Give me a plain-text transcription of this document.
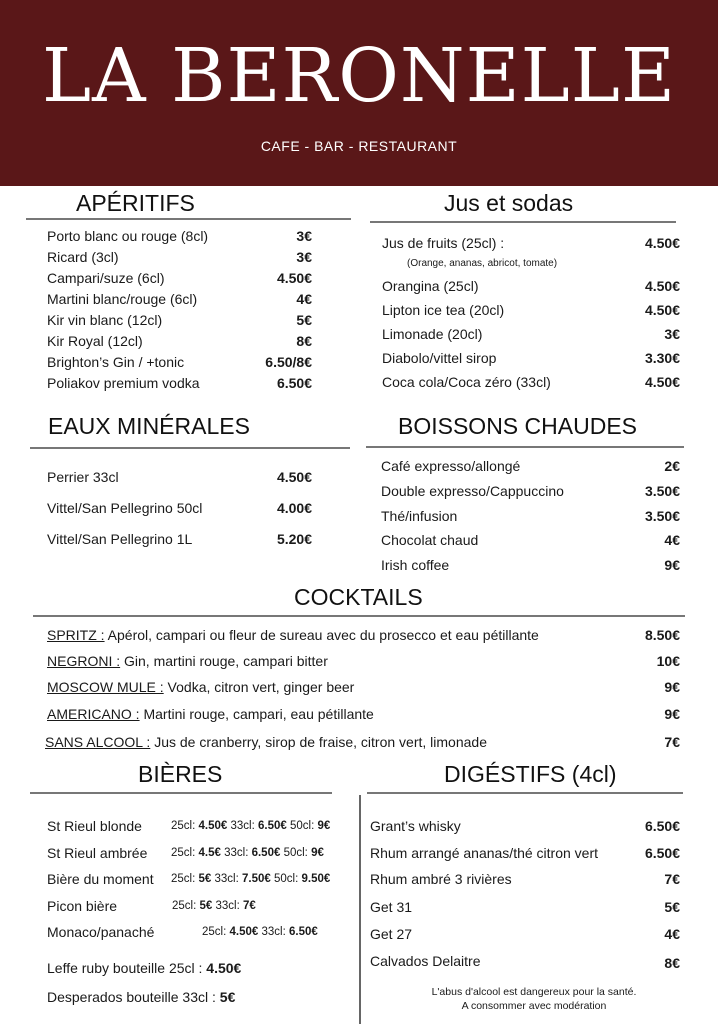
LA BERONELLE
CAFE - BAR - RESTAURANT
APÉRITIFS
Porto blanc ou rouge (8cl)	3€
Ricard (3cl)	3€
Campari/suze (6cl)	4.50€
Martini blanc/rouge (6cl)	4€
Kir vin blanc (12cl)	5€
Kir Royal (12cl)	8€
Brighton’s Gin / +tonic	6.50/8€
Poliakov premium vodka	6.50€
Jus et sodas
Jus de fruits (25cl) :	4.50€
(Orange, ananas, abricot, tomate)
Orangina (25cl)	4.50€
Lipton ice tea (20cl)	4.50€
Limonade (20cl)	3€
Diabolo/vittel sirop	3.30€
Coca cola/Coca zéro (33cl)	4.50€
EAUX MINÉRALES
Perrier 33cl	4.50€
Vittel/San Pellegrino 50cl	4.00€
Vittel/San Pellegrino 1L	5.20€
BOISSONS CHAUDES
Café expresso/allongé	2€
Double expresso/Cappuccino	3.50€
Thé/infusion	3.50€
Chocolat chaud	4€
Irish coffee	9€
COCKTAILS
SPRITZ : Apérol, campari ou fleur de sureau avec du prosecco et eau pétillante	8.50€
NEGRONI : Gin, martini rouge, campari bitter	10€
MOSCOW MULE : Vodka, citron vert, ginger beer	9€
AMERICANO : Martini rouge, campari, eau pétillante	9€
SANS ALCOOL : Jus de cranberry, sirop de fraise, citron vert, limonade	7€
BIÈRES
St Rieul blonde	25cl: 4.50€ 33cl: 6.50€ 50cl: 9€
St Rieul ambrée 25cl: 4.5€ 33cl: 6.50€ 50cl: 9€
Bière du moment 25cl: 5€ 33cl: 7.50€ 50cl: 9.50€
Picon bière	25cl: 5€ 33cl: 7€
Monaco/panaché	25cl: 4.50€ 33cl: 6.50€
Leffe ruby bouteille 25cl : 4.50€
Desperados bouteille 33cl : 5€
DIGÉSTIFS (4cl)
Grant’s whisky	6.50€
Rhum arrangé ananas/thé citron vert	6.50€
Rhum ambré 3 rivières	7€
Get 31	5€
Get 27	4€
Calvados Delaitre	8€
L'abus d'alcool est dangereux pour la santé.
A consommer avec modération
